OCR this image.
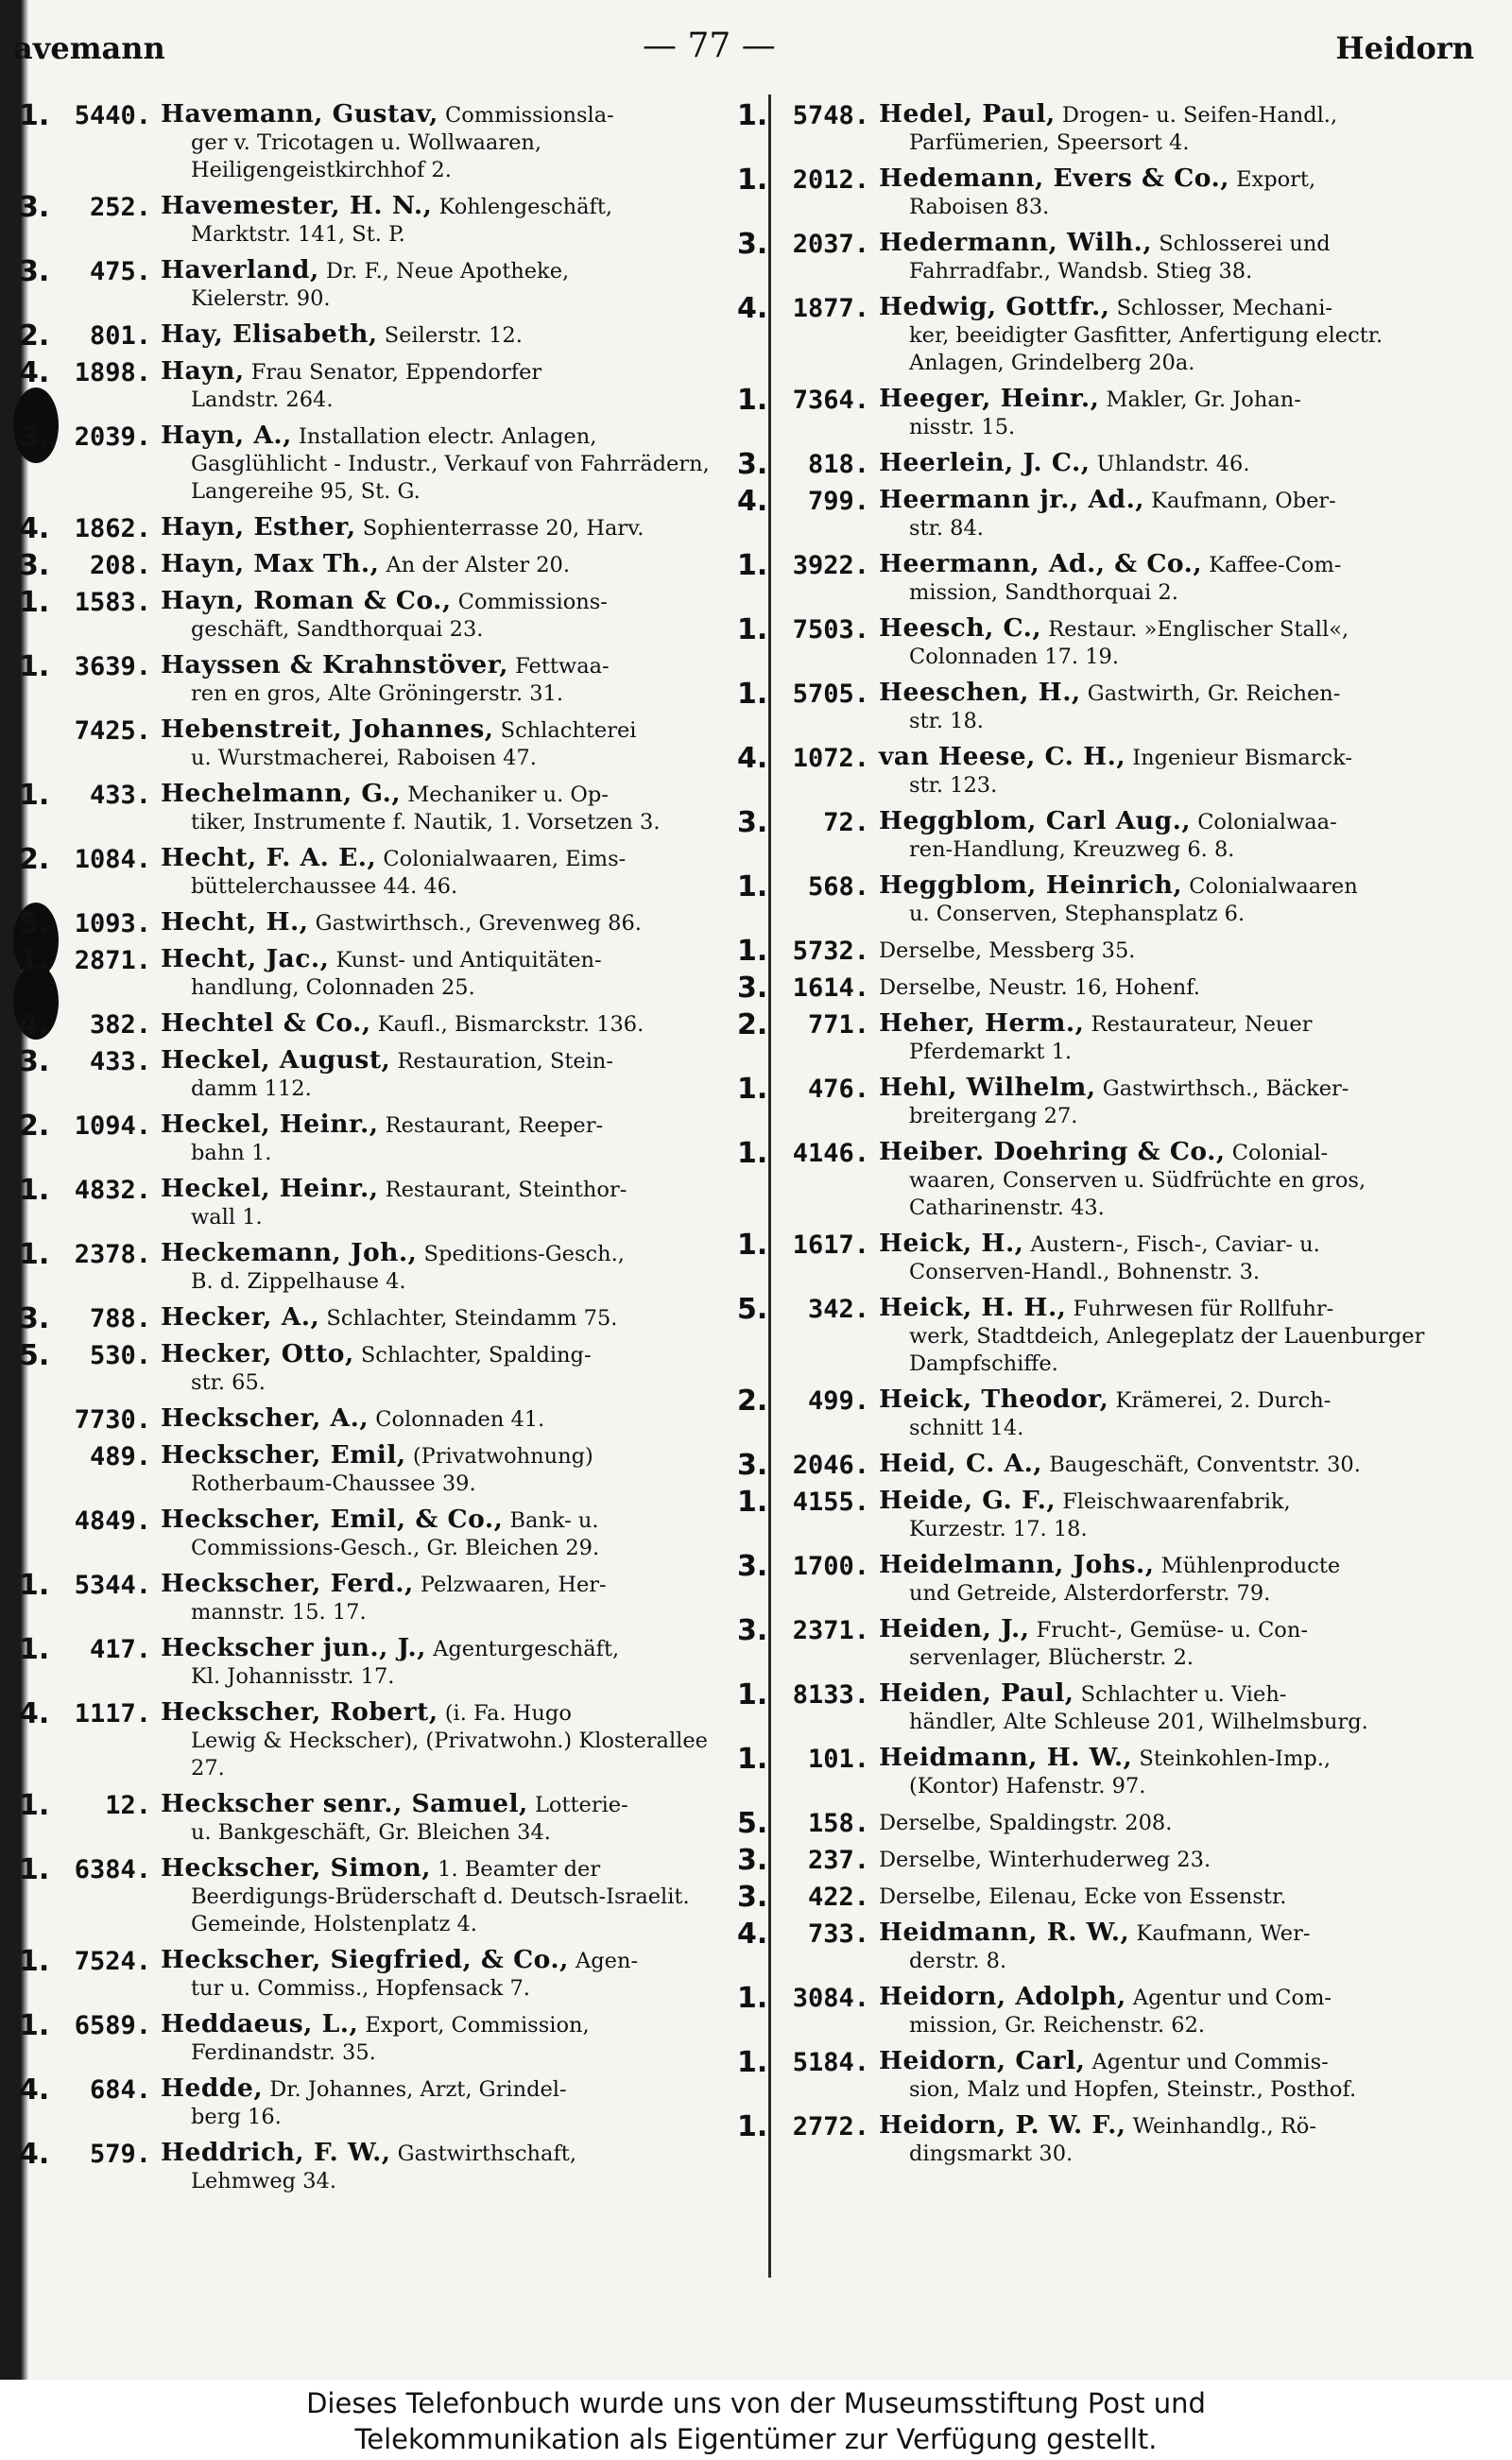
avemann	— 77 —	Heidorn
1. 5440. Havemann, Gustav, Commissionsla-
ger v. Tricotagen u. Wollwaaren, Heiligengeistkirchhof 2.
3.	252. Havemester, H. N., Kohlengeschäft,
Marktstr. 141, St. P.
3.	475. Haverland, Dr. F., Neue Apotheke,
Kielerstr. 90.
2.	801. Hay, Elisabeth, Seilerstr. 12.
4. 1898. Hayn, Frau Senator, Eppendorfer
Landstr. 264.
3. 2039. Hayn, A., Installation electr. Anlagen,
Gasglühlicht - Industr., Verkauf von Fahrrädern, Langereihe 95, St. G.
4. 1862. Hayn, Esther, Sophienterrasse 20, Harv.
3.	208. Hayn, Max Th., An der Alster 20.
1. 1583. Hayn, Roman & Co., Commissions-
geschäft, Sandthorquai 23.
1. 3639. Hayssen & Krahnstöver, Fettwaa-
ren en gros, Alte Gröningerstr. 31.
7425. Hebenstreit, Johannes, Schlachterei
u. Wurstmacherei, Raboisen 47.
1.	433. Hechelmann, G., Mechaniker u. Op-
tiker, Instrumente f. Nautik, 1. Vorsetzen 3.
2. 1084. Hecht, F. A. E., Colonialwaaren, Eims-
büttelerchaussee 44. 46.
5. 1093. Hecht, H., Gastwirthsch., Grevenweg 86.
1. 2871. Hecht, Jac., Kunst- und Antiquitäten-
handlung, Colonnaden 25.
4.	382. Hechtel & Co., Kaufl., Bismarckstr. 136.
3.	433. Heckel, August, Restauration, Stein-
damm 112.
2. 1094. Heckel, Heinr., Restaurant, Reeper-
bahn 1.
1. 4832. Heckel, Heinr., Restaurant, Steinthor-
wall 1.
1. 2378. Heckemann, Joh., Speditions-Gesch.,
B. d. Zippelhause 4.
3.	788. Hecker, A., Schlachter, Steindamm 75.
5.	530. Hecker, Otto, Schlachter, Spalding-
str. 65.
7730. Heckscher, A., Colonnaden 41.
489. Heckscher, Emil, (Privatwohnung)
Rotherbaum-Chaussee 39.
4849. Heckscher, Emil, & Co., Bank- u.
Commissions-Gesch., Gr. Bleichen 29.
1. 5344. Heckscher, Ferd., Pelzwaaren, Her-
mannstr. 15. 17.
1.	417. Heckscher jun., J., Agenturgeschäft,
Kl. Johannisstr. 17.
4. 1117. Heckscher, Robert, (i. Fa. Hugo
Lewig & Heckscher), (Privatwohn.) Klosterallee 27.
1.	12. Heckscher senr., Samuel, Lotterie-
u. Bankgeschäft, Gr. Bleichen 34.
1. 6384. Heckscher, Simon, 1. Beamter der
Beerdigungs-Brüderschaft d. Deutsch-Israelit. Gemeinde, Holstenplatz 4.
1. 7524. Heckscher, Siegfried, & Co., Agen-
tur u. Commiss., Hopfensack 7.
1. 6589. Heddaeus, L., Export, Commission,
Ferdinandstr. 35.
4.	684. Hedde, Dr. Johannes, Arzt, Grindel-
berg 16.
4.	579. Heddrich, F. W., Gastwirthschaft,
Lehmweg 34.
1. 5748. Hedel, Paul, Drogen- u. Seifen-Handl.,
Parfümerien, Speersort 4.
1. 2012. Hedemann, Evers & Co., Export,
Raboisen 83.
3. 2037. Hedermann, Wilh., Schlosserei und
Fahrradfabr., Wandsb. Stieg 38.
4. 1877. Hedwig, Gottfr., Schlosser, Mechani-
ker, beeidigter Gasfitter, Anfertigung electr. Anlagen, Grindelberg 20a.
1. 7364. Heeger, Heinr., Makler, Gr. Johan-
nisstr. 15.
3.	818. Heerlein, J. C., Uhlandstr. 46.
4.	799. Heermann jr., Ad., Kaufmann, Ober-
str. 84.
1. 3922. Heermann, Ad., & Co., Kaffee-Com-
mission, Sandthorquai 2.
1. 7503. Heesch, C., Restaur. »Englischer Stall«,
Colonnaden 17. 19.
1. 5705. Heeschen, H., Gastwirth, Gr. Reichen-
str. 18.
4. 1072. van Heese, C. H., Ingenieur Bismarck-
str. 123.
3.	72. Heggblom, Carl Aug., Colonialwaa-
ren-Handlung, Kreuzweg 6. 8.
1.	568. Heggblom, Heinrich, Colonialwaaren
u. Conserven, Stephansplatz 6.
1. 5732. Derselbe, Messberg 35.
3. 1614. Derselbe, Neustr. 16, Hohenf.
2.	771. Heher, Herm., Restaurateur, Neuer
Pferdemarkt 1.
1.	476. Hehl, Wilhelm, Gastwirthsch., Bäcker-
breitergang 27.
1. 4146. Heiber. Doehring & Co., Colonial-
waaren, Conserven u. Südfrüchte en gros, Catharinenstr. 43.
1. 1617. Heick, H., Austern-, Fisch-, Caviar- u.
Conserven-Handl., Bohnenstr. 3.
5.	342. Heick, H. H., Fuhrwesen für Rollfuhr-
werk, Stadtdeich, Anlegeplatz der Lauenburger Dampfschiffe.
2.	499. Heick, Theodor, Krämerei, 2. Durch-
schnitt 14.
3. 2046. Heid, C. A., Baugeschäft, Conventstr. 30.
1. 4155. Heide, G. F., Fleischwaarenfabrik,
Kurzestr. 17. 18.
3. 1700. Heidelmann, Johs., Mühlenproducte
und Getreide, Alsterdorferstr. 79.
3. 2371. Heiden, J., Frucht-, Gemüse- u. Con-
servenlager, Blücherstr. 2.
1. 8133. Heiden, Paul, Schlachter u. Vieh-
händler, Alte Schleuse 201, Wilhelmsburg.
1.	101. Heidmann, H. W., Steinkohlen-Imp.,
(Kontor) Hafenstr. 97.
5.	158. Derselbe, Spaldingstr. 208.
3.	237. Derselbe, Winterhuderweg 23.
3.	422. Derselbe, Eilenau, Ecke von Essenstr.
4.	733. Heidmann, R. W., Kaufmann, Wer-
derstr. 8.
1. 3084. Heidorn, Adolph, Agentur und Com-
mission, Gr. Reichenstr. 62.
1. 5184. Heidorn, Carl, Agentur und Commis-
sion, Malz und Hopfen, Steinstr., Posthof.
1. 2772. Heidorn, P. W. F., Weinhandlg., Rö-
dingsmarkt 30.
Dieses Telefonbuch wurde uns von der Museumsstiftung Post und
Telekommunikation als Eigentümer zur Verfügung gestellt.
